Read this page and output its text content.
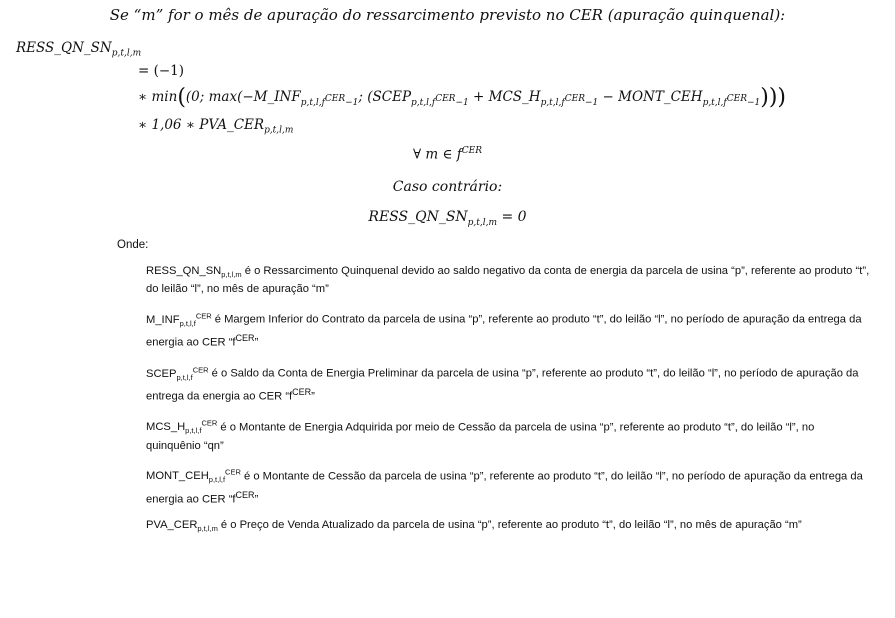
Se “m” for o mês de apuração do ressarcimento previsto no CER (apuração quinquenal):
$RESS\_QN\_SN_{p,t,l,m}$
= (−1)
∗ min((0; $\max(-M\_INF_{p,t,l,f^{CER}-1}$; ($SCEP_{p,t,l,f^{CER}-1}$ + $MCS\_H_{p,t,l,f^{CER}-1}$ − $MONT\_CEH_{p,t,l,f^{CER}-1}$)))
∗ 1,06 ∗ $PVA\_CER_{p,t,l,m}$
∀ m ∈ $f^{CER}$
Caso contrário:
$RESS\_QN\_SN_{p,t,l,m} = 0$
Onde:

$RESS\_QN\_SN_{p,t,l,m}$ é o Ressarcimento Quinquenal devido ao saldo negativo da conta de energia da parcela de usina “p”, referente ao produto “t”, do leilão “l”, no mês de apuração “m”

$M\_INF_{p,t,l,f}^{CER}$ é Margem Inferior do Contrato da parcela de usina “p”, referente ao produto “t”, do leilão “l”, no período de apuração da entrega da energia ao CER “$f^{CER}$”

$SCEP_{p,t,l,f}^{CER}$ é o Saldo da Conta de Energia Preliminar da parcela de usina “p”, referente ao produto “t”, do leilão “l”, no período de apuração da entrega da energia ao CER “$f^{CER}$”

$MCS\_H_{p,t,l,f}^{CER}$ é o Montante de Energia Adquirida por meio de Cessão da parcela de usina “p”, referente ao produto “t”, do leilão “l”, no quinquênio “qn”

$MONT\_CEH_{p,t,l,f}^{CER}$ é o Montante de Cessão da parcela de usina “p”, referente ao produto “t”, do leilão “l”, no período de apuração da entrega da energia ao CER “$f^{CER}$”

$PVA\_CER_{p,t,l,m}$ é o Preço de Venda Atualizado da parcela de usina “p”, referente ao produto “t”, do leilão “l”, no mês de apuração “m”
